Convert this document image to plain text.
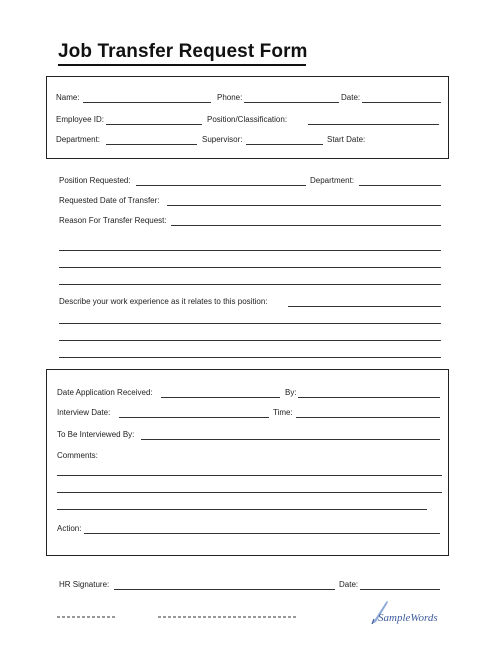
Job Transfer Request Form
Name:	Phone:	Date:
Employee ID:	Position/Classification:
Department:	Supervisor:	Start Date:
Position Requested:	Department:
Requested Date of Transfer:
Reason For Transfer Request:
Describe your work experience as it relates to this position:
Date Application Received:	By:
Interview Date:	Time:
To Be Interviewed By:
Comments:
Action:
HR Signature:	Date:
SampleWords
